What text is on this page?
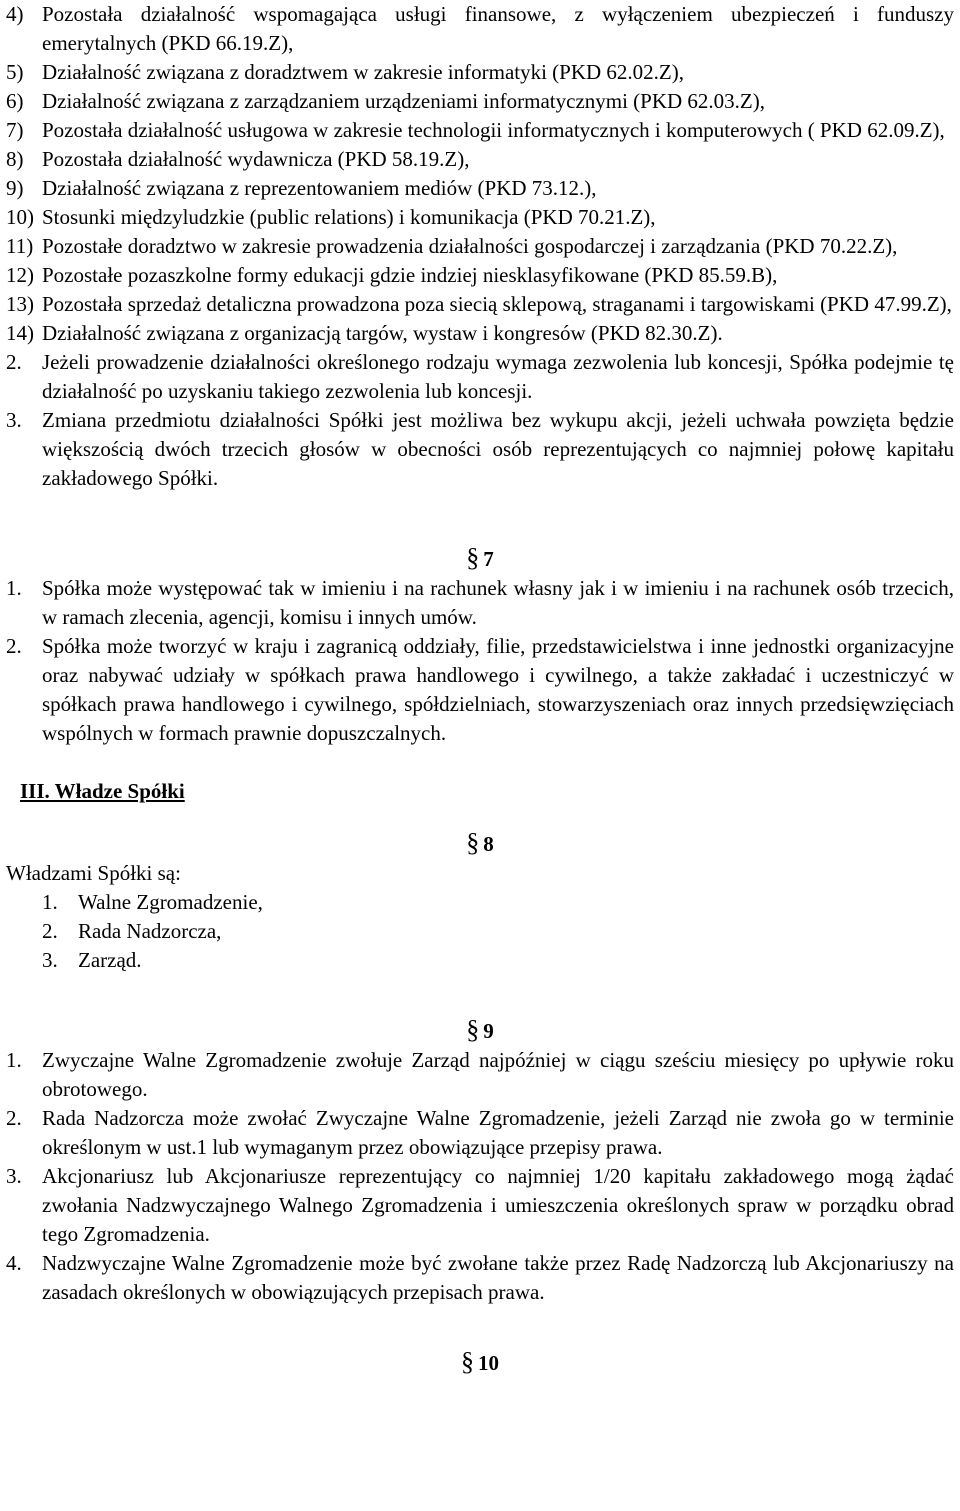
4) Pozostała działalność wspomagająca usługi finansowe, z wyłączeniem ubezpieczeń i funduszy emerytalnych (PKD 66.19.Z),
5) Działalność związana z doradztwem w zakresie informatyki (PKD 62.02.Z),
6) Działalność związana z zarządzaniem urządzeniami informatycznymi (PKD 62.03.Z),
7) Pozostała działalność usługowa w zakresie technologii informatycznych i komputerowych ( PKD 62.09.Z),
8) Pozostała działalność wydawnicza (PKD 58.19.Z),
9) Działalność związana z reprezentowaniem mediów (PKD 73.12.),
10) Stosunki międzyludzkie (public relations) i komunikacja (PKD 70.21.Z),
11) Pozostałe doradztwo w zakresie prowadzenia działalności gospodarczej i zarządzania (PKD 70.22.Z),
12) Pozostałe pozaszkolne formy edukacji gdzie indziej niesklasyfikowane (PKD 85.59.B),
13) Pozostała sprzedaż detaliczna prowadzona poza siecią sklepową, straganami i targowiskami (PKD 47.99.Z),
14) Działalność związana z organizacją targów, wystaw i kongresów (PKD 82.30.Z).
2. Jeżeli prowadzenie działalności określonego rodzaju wymaga zezwolenia lub koncesji, Spółka podejmie tę działalność po uzyskaniu takiego zezwolenia lub koncesji.
3. Zmiana przedmiotu działalności Spółki jest możliwa bez wykupu akcji, jeżeli uchwała powzięta będzie większością dwóch trzecich głosów w obecności osób reprezentujących co najmniej połowę kapitału zakładowego Spółki.
§ 7
1. Spółka może występować tak w imieniu i na rachunek własny jak i w imieniu i na rachunek osób trzecich, w ramach zlecenia, agencji, komisu i innych umów.
2. Spółka może tworzyć w kraju i zagranicą oddziały, filie, przedstawicielstwa i inne jednostki organizacyjne oraz nabywać udziały w spółkach prawa handlowego i cywilnego, a także zakładać i uczestniczyć w spółkach prawa handlowego i cywilnego, spółdzielniach, stowarzyszeniach oraz innych przedsięwzięciach wspólnych w formach prawnie dopuszczalnych.
III. Władze Spółki
§ 8
Władzami Spółki są:
1. Walne Zgromadzenie,
2. Rada Nadzorcza,
3. Zarząd.
§ 9
1. Zwyczajne Walne Zgromadzenie zwołuje Zarząd najpóźniej w ciągu sześciu miesięcy po upływie roku obrotowego.
2. Rada Nadzorcza może zwołać Zwyczajne Walne Zgromadzenie, jeżeli Zarząd nie zwoła go w terminie określonym w ust.1 lub wymaganym przez obowiązujące przepisy prawa.
3. Akcjonariusz lub Akcjonariusze reprezentujący co najmniej 1/20 kapitału zakładowego mogą żądać zwołania Nadzwyczajnego Walnego Zgromadzenia i umieszczenia określonych spraw w porządku obrad tego Zgromadzenia.
4. Nadzwyczajne Walne Zgromadzenie może być zwołane także przez Radę Nadzorczą lub Akcjonariuszy na zasadach określonych w obowiązujących przepisach prawa.
§ 10
